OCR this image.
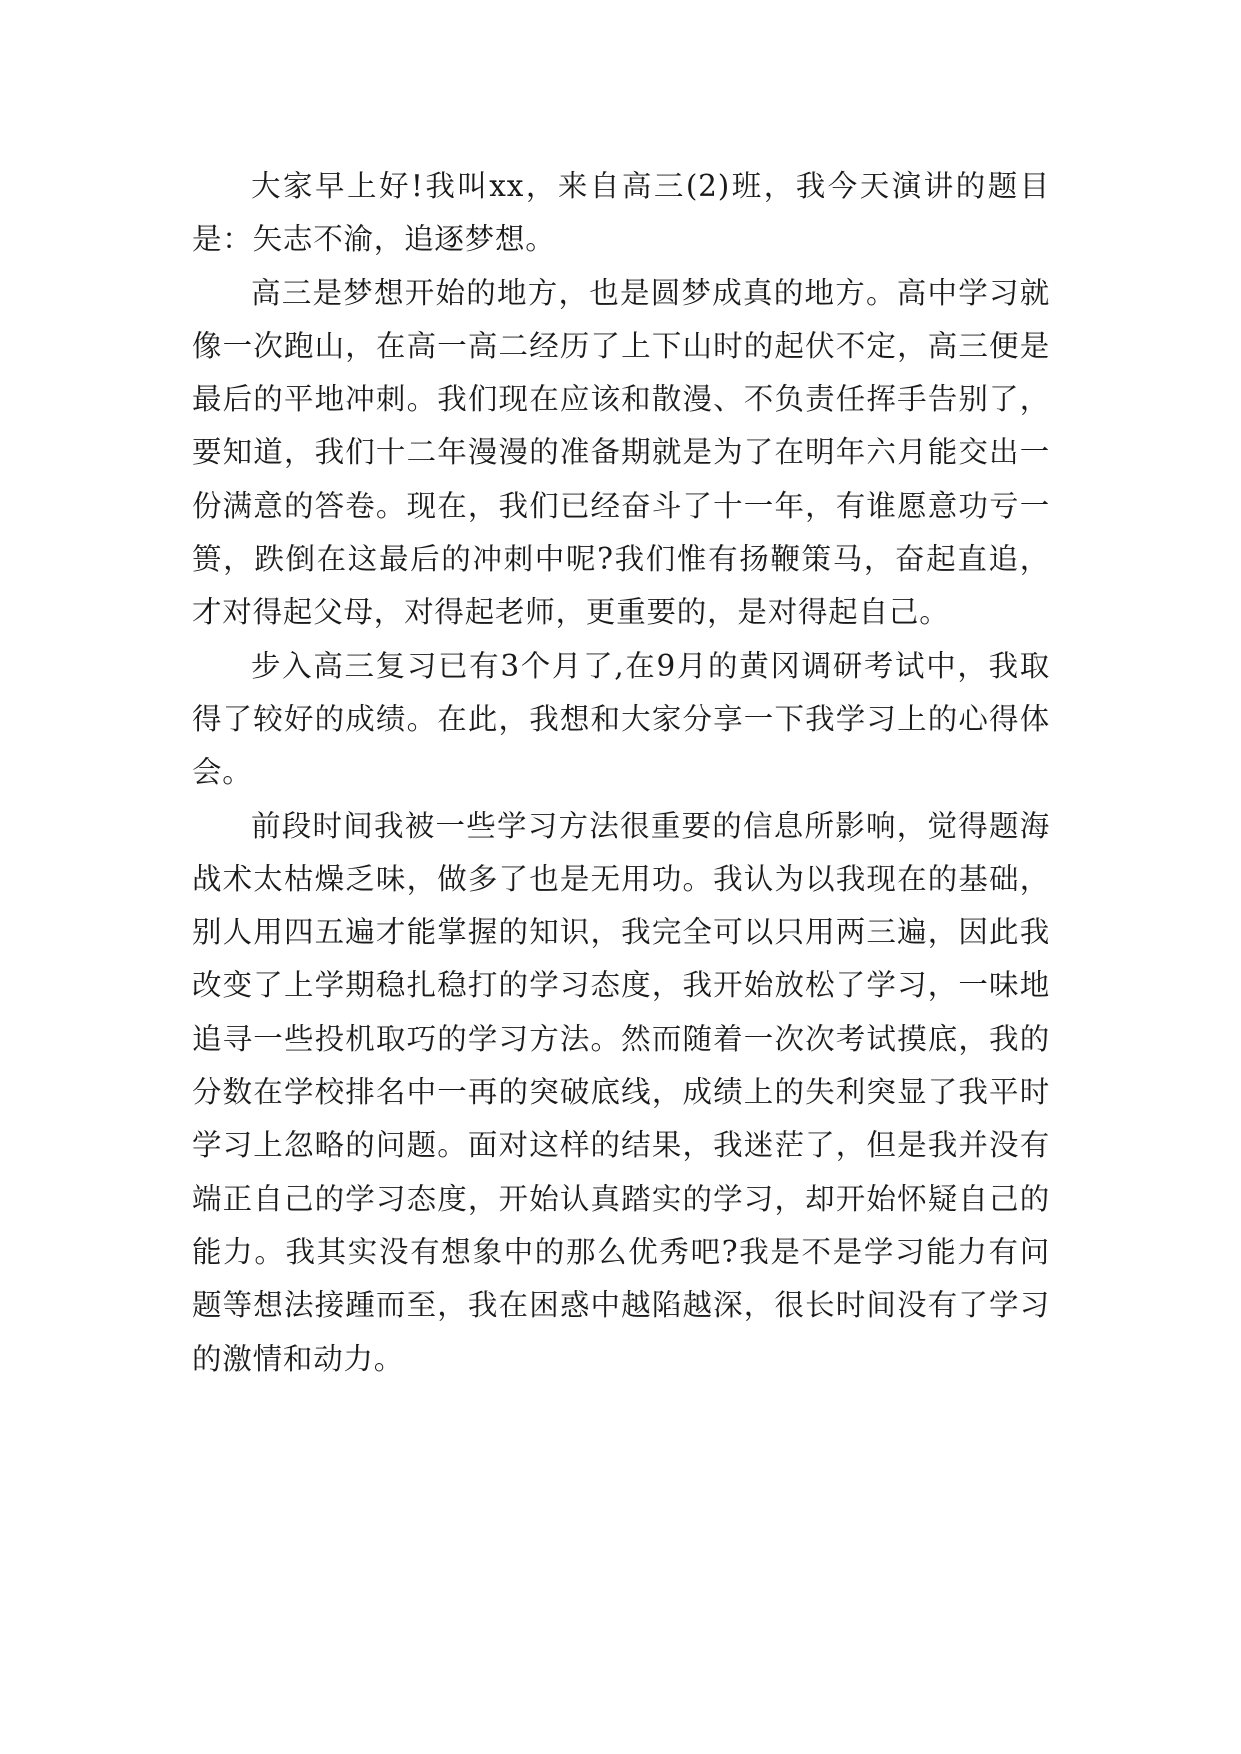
大家早上好!我叫xx，来自高三(2)班，我今天演讲的题目是：矢志不渝，追逐梦想。

高三是梦想开始的地方，也是圆梦成真的地方。高中学习就像一次跑山，在高一高二经历了上下山时的起伏不定，高三便是最后的平地冲刺。我们现在应该和散漫、不负责任挥手告别了，要知道，我们十二年漫漫的准备期就是为了在明年六月能交出一份满意的答卷。现在，我们已经奋斗了十一年，有谁愿意功亏一篑，跌倒在这最后的冲刺中呢?我们惟有扬鞭策马，奋起直追，才对得起父母，对得起老师，更重要的，是对得起自己。

步入高三复习已有3个月了,在9月的黄冈调研考试中，我取得了较好的成绩。在此，我想和大家分享一下我学习上的心得体会。

前段时间我被一些学习方法很重要的信息所影响，觉得题海战术太枯燥乏味，做多了也是无用功。我认为以我现在的基础，别人用四五遍才能掌握的知识，我完全可以只用两三遍，因此我改变了上学期稳扎稳打的学习态度，我开始放松了学习，一味地追寻一些投机取巧的学习方法。然而随着一次次考试摸底，我的分数在学校排名中一再的突破底线，成绩上的失利突显了我平时学习上忽略的问题。面对这样的结果，我迷茫了，但是我并没有端正自己的学习态度，开始认真踏实的学习，却开始怀疑自己的能力。我其实没有想象中的那么优秀吧?我是不是学习能力有问题等想法接踵而至，我在困惑中越陷越深，很长时间没有了学习的激情和动力。
